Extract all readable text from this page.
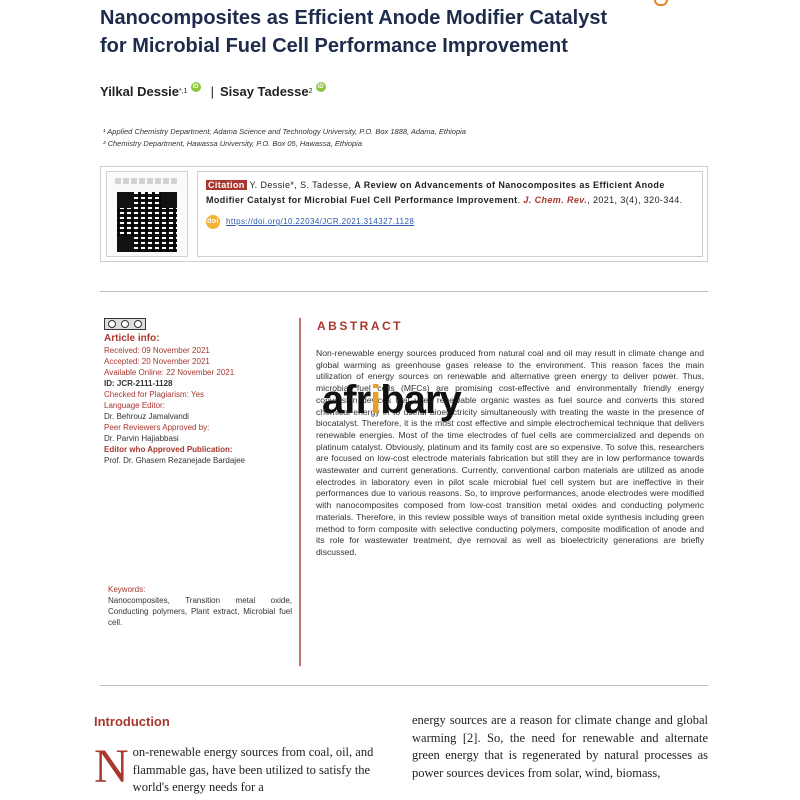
Nanocomposites as Efficient Anode Modifier Catalyst
for Microbial Fuel Cell Performance Improvement
Yilkal Dessie *,1
iD | Sisay Tadesse 2
iD
¹ Applied Chemistry Department, Adama Science and Technology University, P.O. Box 1888, Adama, Ethiopia
² Chemistry Department, Hawassa University, P.O. Box 05, Hawassa, Ethiopia
Citation Y. Dessie*, S. Tadesse, A Review on Advancements of Nanocomposites as Efficient Anode Modifier Catalyst for Microbial Fuel Cell Performance Improvement. J. Chem. Rev., 2021, 3(4), 320-344.
doi https://doi.org/10.22034/JCR.2021.314327.1128
Article info:
Received: 09 November 2021
Accepted: 20 November 2021
Available Online: 22 November 2021
ID: JCR-2111-1128
Checked for Plagiarism: Yes
Language Editor:
Dr. Behrouz Jamalvandi
Peer Reviewers Approved by:
Dr. Parvin Hajiabbasi
Editor who Approved Publication:
Prof. Dr. Ghasem Rezanejade Bardajee
Keywords:
Nanocomposites, Transition metal oxide, Conducting polymers, Plant extract, Microbial fuel cell.
ABSTRACT
Non-renewable energy sources produced from natural coal and oil may result in climate change and global warming as greenhouse gases release to the environment. This reason faces the main utilization of energy sources on renewable and alternative green energy to deliver power. Thus, microbial fuel cells (MFCs) are promising cost-effective and environmentally friendly energy conversion devices that uses renewable organic wastes as fuel source and converts this stored chemical energy in to useful bioelectricity simultaneously with treating the waste in the presence of biocatalyst. Therefore, it is the most cost effective and simple electrochemical technique that delivers renewable energies. Most of the time electrodes of fuel cells are commercialized and depends on platinum catalyst. Obviously, platinum and its family cost are so expensive. To solve this, researchers are focused on low-cost electrode materials fabrication but still they are in low performance towards wastewater and current generations. Currently, conventional carbon materials are utilized as anode electrodes in laboratory even in pilot scale microbial fuel cell system but are ineffective in their performances due to various reasons. So, to improve performances, anode electrodes were modified with nanocomposites composed from low-cost transition metal oxides and conducting polymeric materials. Therefore, in this review possible ways of transition metal oxide synthesis including green method to form composite with selective conducting polymers, composite modification of anode and its role for wastewater treatment, dye removal as well as bioelectricity generations are briefly discussed.
afribary
Introduction
Non-renewable energy sources from coal, oil, and flammable gas, have been utilized to satisfy the world's energy needs for a
energy sources are a reason for climate change and global warming [2]. So, the need for renewable and alternate green energy that is regenerated by natural processes as power sources devices from solar, wind, biomass,
